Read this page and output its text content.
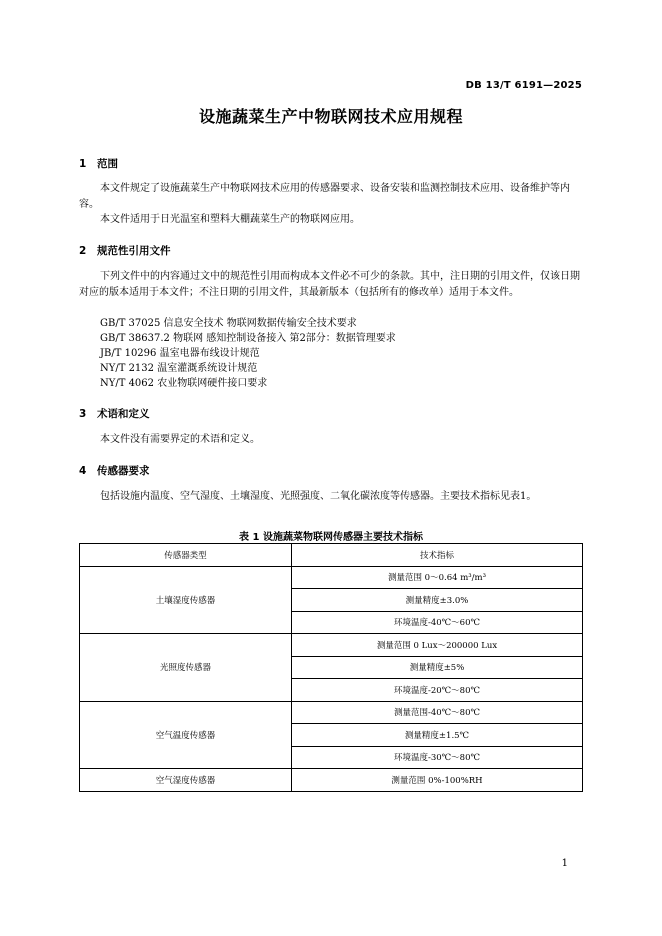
DB 13/T 6191—2025
设施蔬菜生产中物联网技术应用规程
1 范围
本文件规定了设施蔬菜生产中物联网技术应用的传感器要求、设备安装和监测控制技术应用、设备维护等内容。
本文件适用于日光温室和塑料大棚蔬菜生产的物联网应用。
2 规范性引用文件
下列文件中的内容通过文中的规范性引用而构成本文件必不可少的条款。其中，注日期的引用文件，仅该日期对应的版本适用于本文件；不注日期的引用文件，其最新版本（包括所有的修改单）适用于本文件。
GB/T 37025 信息安全技术 物联网数据传输安全技术要求
GB/T 38637.2 物联网 感知控制设备接入 第2部分：数据管理要求
JB/T 10296 温室电器布线设计规范
NY/T 2132 温室灌溉系统设计规范
NY/T 4062 农业物联网硬件接口要求
3 术语和定义
本文件没有需要界定的术语和定义。
4 传感器要求
包括设施内温度、空气湿度、土壤湿度、光照强度、二氧化碳浓度等传感器。主要技术指标见表1。
表 1 设施蔬菜物联网传感器主要技术指标
传感器类型	技术指标
土壤湿度传感器	测量范围 0～0.64 m³/m³
	测量精度±3.0%
	环境温度-40℃～60℃
光照度传感器	测量范围 0 Lux～200000 Lux
	测量精度±5%
	环境温度-20℃～80℃
空气温度传感器	测量范围-40℃～80℃
	测量精度±1.5℃
	环境温度-30℃～80℃
空气湿度传感器	测量范围 0%-100%RH
1
